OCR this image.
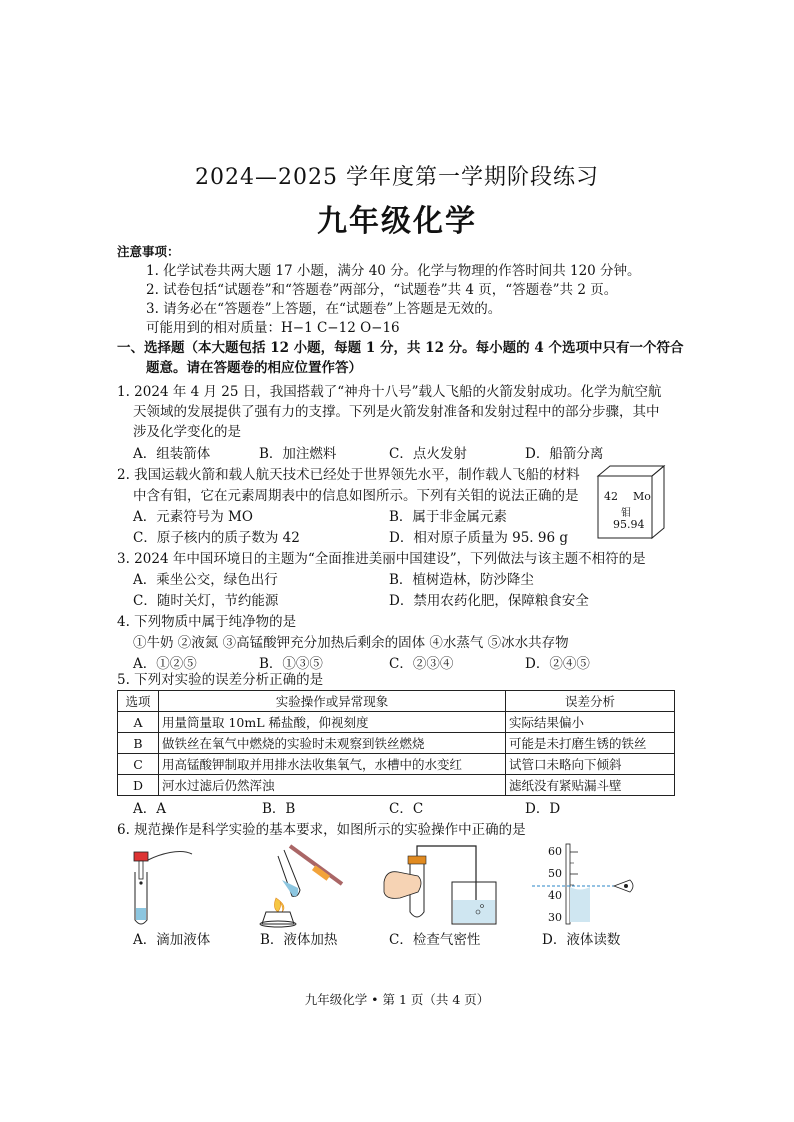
2024—2025 学年度第一学期阶段练习
九年级化学
注意事项：
1. 化学试卷共两大题 17 小题，满分 40 分。化学与物理的作答时间共 120 分钟。
2. 试卷包括“试题卷”和“答题卷”两部分，“试题卷”共 4 页，“答题卷”共 2 页。
3. 请务必在“答题卷”上答题，在“试题卷”上答题是无效的。
可能用到的相对质量：H−1 C−12 O−16
一、选择题（本大题包括 12 小题，每题 1 分，共 12 分。每小题的 4 个选项中只有一个符合
题意。请在答题卷的相应位置作答）
1. 2024 年 4 月 25 日，我国搭载了“神舟十八号”载人飞船的火箭发射成功。化学为航空航
天领域的发展提供了强有力的支撑。下列是火箭发射准备和发射过程中的部分步骤，其中
涉及化学变化的是
A．组装箭体	B．加注燃料	C．点火发射	D．船箭分离
2. 我国运载火箭和载人航天技术已经处于世界领先水平，制作载人飞船的材料
中含有钼，它在元素周期表中的信息如图所示。下列有关钼的说法正确的是
A．元素符号为 MO	B．属于非金属元素
C．原子核内的质子数为 42	D．相对原子质量为 95. 96 g
42 Mo
钼
95.94
3. 2024 年中国环境日的主题为“全面推进美丽中国建设”，下列做法与该主题不相符的是
A．乘坐公交，绿色出行	B．植树造林，防沙降尘
C．随时关灯，节约能源	D．禁用农药化肥，保障粮食安全
4. 下列物质中属于纯净物的是
①牛奶 ②液氮 ③高锰酸钾充分加热后剩余的固体 ④水蒸气 ⑤冰水共存物
A．①②⑤	B．①③⑤	C．②③④	D．②④⑤
5. 下列对实验的误差分析正确的是
选项	实验操作或异常现象	误差分析
A	用量筒量取 10mL 稀盐酸，仰视刻度	实际结果偏小
B	做铁丝在氧气中燃烧的实验时未观察到铁丝燃烧	可能是未打磨生锈的铁丝
C	用高锰酸钾制取并用排水法收集氧气，水槽中的水变红	试管口未略向下倾斜
D	河水过滤后仍然浑浊	滤纸没有紧贴漏斗壁
A．A	B．B	C．C	D．D
6. 规范操作是科学实验的基本要求，如图所示的实验操作中正确的是
60
50
40
30
A．滴加液体	B．液体加热	C．检查气密性	D．液体读数
九年级化学 • 第 1 页（共 4 页）
